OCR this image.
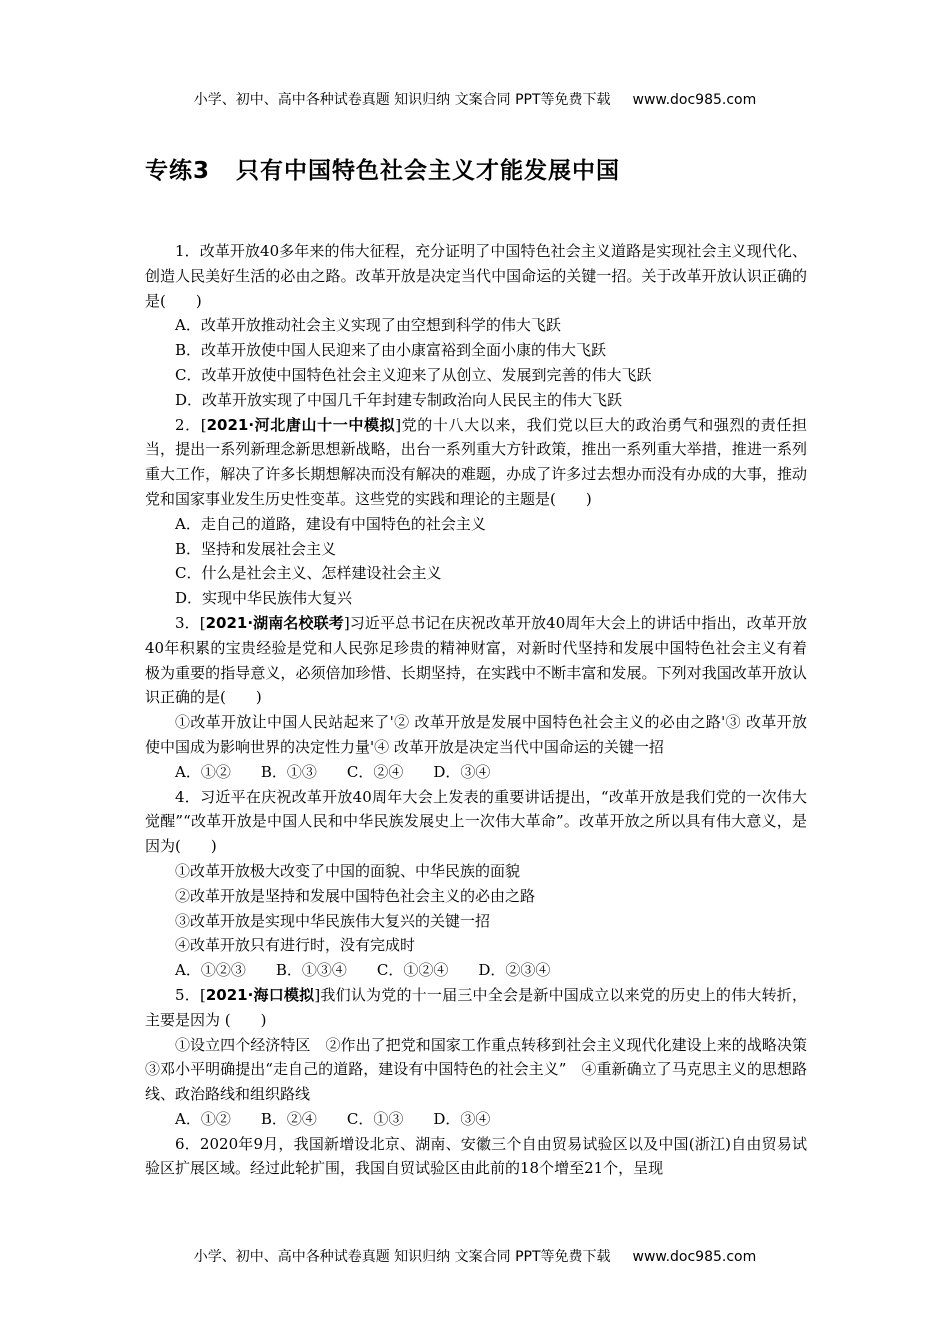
小学、初中、高中各种试卷真题 知识归纳 文案合同 PPT等免费下载 www.doc985.com
专练3 只有中国特色社会主义才能发展中国

1．改革开放40多年来的伟大征程，充分证明了中国特色社会主义道路是实现社会主义现代化、创造人民美好生活的必由之路。改革开放是决定当代中国命运的关键一招。关于改革开放认识正确的是(　　)

A．改革开放推动社会主义实现了由空想到科学的伟大飞跃

B．改革开放使中国人民迎来了由小康富裕到全面小康的伟大飞跃

C．改革开放使中国特色社会主义迎来了从创立、发展到完善的伟大飞跃

D．改革开放实现了中国几千年封建专制政治向人民民主的伟大飞跃

2．[2021·河北唐山十一中模拟]党的十八大以来，我们党以巨大的政治勇气和强烈的责任担当，提出一系列新理念新思想新战略，出台一系列重大方针政策，推出一系列重大举措，推进一系列重大工作，解决了许多长期想解决而没有解决的难题，办成了许多过去想办而没有办成的大事，推动党和国家事业发生历史性变革。这些党的实践和理论的主题是(　　)

A．走自己的道路，建设有中国特色的社会主义

B．坚持和发展社会主义

C．什么是社会主义、怎样建设社会主义

D．实现中华民族伟大复兴

3．[2021·湖南名校联考]习近平总书记在庆祝改革开放40周年大会上的讲话中指出，改革开放40年积累的宝贵经验是党和人民弥足珍贵的精神财富，对新时代坚持和发展中国特色社会主义有着极为重要的指导意义，必须倍加珍惜、长期坚持，在实践中不断丰富和发展。下列对我国改革开放认识正确的是(　　)

①改革开放让中国人民站起来了'② 改革开放是发展中国特色社会主义的必由之路'③ 改革开放使中国成为影响世界的决定性力量'④ 改革开放是决定当代中国命运的关键一招

A．①②　　B．①③　　C．②④　　D．③④

4．习近平在庆祝改革开放40周年大会上发表的重要讲话提出，“改革开放是我们党的一次伟大觉醒”“改革开放是中国人民和中华民族发展史上一次伟大革命”。改革开放之所以具有伟大意义，是因为(　　)

①改革开放极大改变了中国的面貌、中华民族的面貌

②改革开放是坚持和发展中国特色社会主义的必由之路

③改革开放是实现中华民族伟大复兴的关键一招

④改革开放只有进行时，没有完成时

A．①②③　　B．①③④　　C．①②④　　D．②③④

5．[2021·海口模拟]我们认为党的十一届三中全会是新中国成立以来党的历史上的伟大转折，主要是因为 (　　)

①设立四个经济特区　②作出了把党和国家工作重点转移到社会主义现代化建设上来的战略决策　③邓小平明确提出“走自己的道路，建设有中国特色的社会主义”　④重新确立了马克思主义的思想路线、政治路线和组织路线

A．①②　　B．②④　　C．①③　　D．③④

6．2020年9月，我国新增设北京、湖南、安徽三个自由贸易试验区以及中国(浙江)自由贸易试验区扩展区域。经过此轮扩围，我国自贸试验区由此前的18个增至21个，呈现

小学、初中、高中各种试卷真题 知识归纳 文案合同 PPT等免费下载 www.doc985.com
